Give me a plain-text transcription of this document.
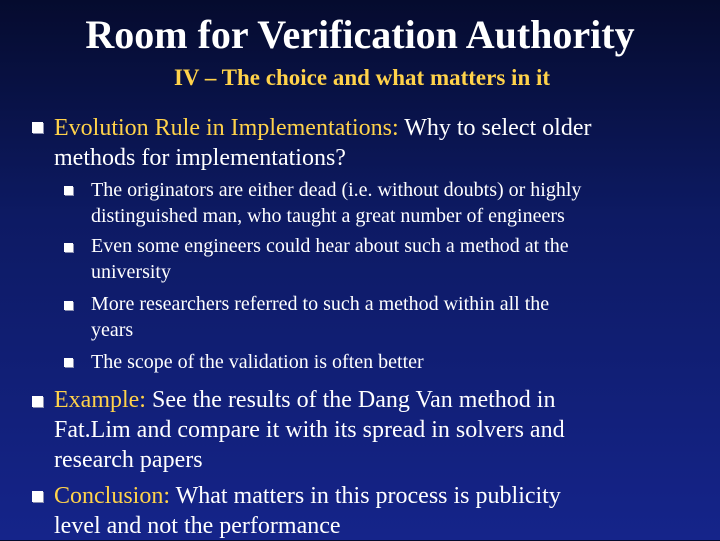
Room for Verification Authority
IV – The choice and what matters in it
Evolution Rule in Implementations: Why to select older
methods for implementations?
The originators are either dead (i.e. without doubts) or highly
distinguished man, who taught a great number of engineers
Even some engineers could hear about such a method at the
university
More researchers referred to such a method within all the
years
The scope of the validation is often better
Example: See the results of the Dang Van method in
Fat.Lim and compare it with its spread in solvers and
research papers
Conclusion: What matters in this process is publicity
level and not the performance
